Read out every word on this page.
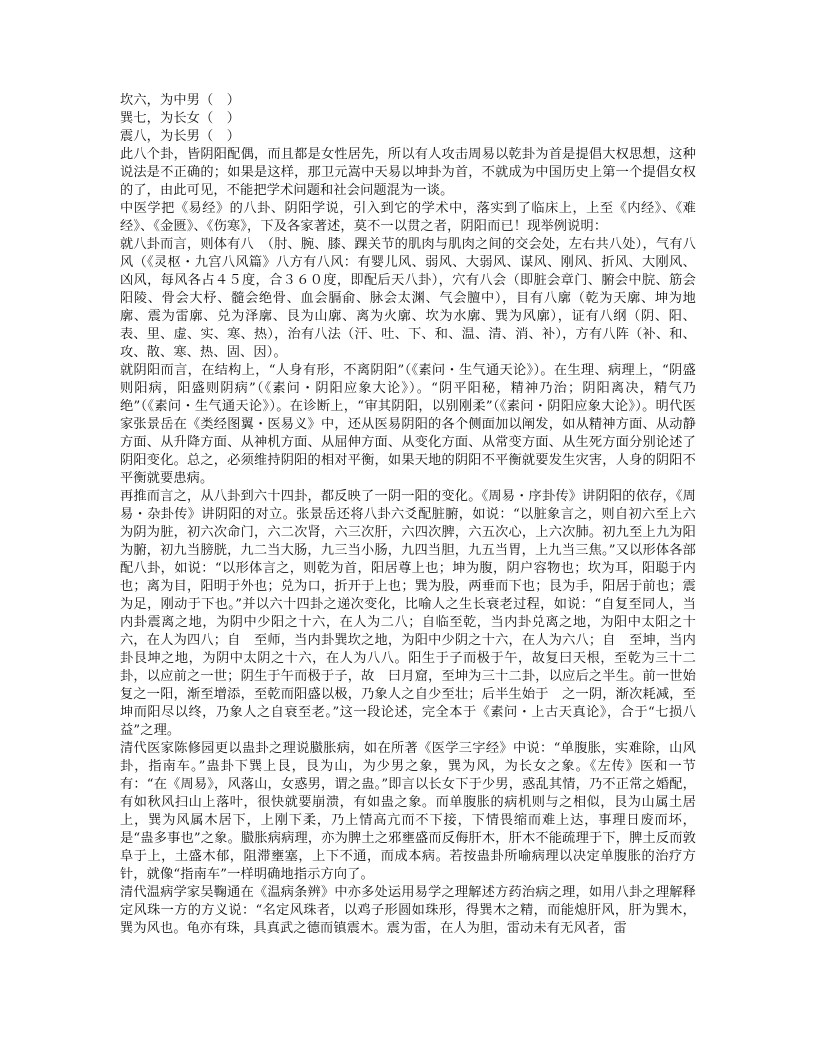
坎六，为中男（　）

巽七，为长女（　）

震八，为长男（　）

此八个卦，皆阴阳配偶，而且都是女性居先，所以有人攻击周易以乾卦为首是提倡大权思想，这种说法是不正确的；如果是这样，那卫元嵩中天易以坤卦为首，不就成为中国历史上第一个提倡女权的了，由此可见，不能把学术问题和社会问题混为一谈。

中医学把《易经》的八卦、阴阳学说，引入到它的学术中，落实到了临床上，上至《内经》、《难经》、《金匮》、《伤寒》，下及各家著述，莫不一以贯之者，阴阳而已！现举例说明：

就八卦而言，则体有八　（肘、腕、膝、踝关节的肌肉与肌肉之间的交会处，左右共八处），气有八风（《灵枢・九宫八风篇》八方有八风：有婴儿风、弱风、大弱风、谋风、刚风、折风、大刚风、凶风，每风各占４５度，合３６０度，即配后天八卦），穴有八会（即脏会章门、腑会中脘、筋会阳陵、骨会大杼、髓会绝骨、血会膈俞、脉会太渊、气会膻中），目有八廓（乾为天廓、坤为地廓、震为雷廓、兑为泽廓、艮为山廓、离为火廓、坎为水廓、巽为风廓），证有八纲（阴、阳、表、里、虚、实、寒、热），治有八法（汗、吐、下、和、温、清、消、补），方有八阵（补、和、攻、散、寒、热、固、因）。

就阴阳而言，在结构上，“人身有形，不离阴阳”（《素问・生气通天论》）。在生理、病理上，“阴盛则阳病，阳盛则阴病”（《素问・阴阳应象大论》）。“阴平阳秘，精神乃治；阴阳离决，精气乃绝”（《素问・生气通天论》）。在诊断上，“审其阴阳，以别刚柔”（《素问・阴阳应象大论》）。明代医家张景岳在《类经图翼・医易义》中，还从医易阴阳的各个侧面加以阐发，如从精神方面、从动静方面、从升降方面、从神机方面、从屈伸方面、从变化方面、从常变方面、从生死方面分别论述了阴阳变化。总之，必须维持阴阳的相对平衡，如果天地的阴阳不平衡就要发生灾害，人身的阴阳不平衡就要患病。

再推而言之，从八卦到六十四卦，都反映了一阴一阳的变化。《周易・序卦传》讲阴阳的依存，《周易・杂卦传》讲阴阳的对立。张景岳还将八卦六爻配脏腑，如说：“以脏象言之，则自初六至上六为阴为脏，初六次命门，六二次肾，六三次肝，六四次脾，六五次心，上六次肺。初九至上九为阳为腑，初九当膀胱，九二当大肠，九三当小肠，九四当胆，九五当胃，上九当三焦。”又以形体各部配八卦，如说：“以形体言之，则乾为首，阳居尊上也；坤为腹，阴户容物也；坎为耳，阳聪于内也；离为目，阳明于外也；兑为口，折开于上也；巽为股，两垂而下也；艮为手，阳居于前也；震为足，刚动于下也。”并以六十四卦之递次变化，比喻人之生长衰老过程，如说：“自复至同人，当内卦震离之地，为阴中少阳之十六，在人为二八；自临至乾，当内卦兑离之地，为阳中太阳之十六，在人为四八；自　至师，当内卦巽坎之地，为阳中少阴之十六，在人为六八；自　至坤，当内卦艮坤之地，为阴中太阴之十六，在人为八八。阳生于子而极于午，故复曰天根，至乾为三十二卦，以应前之一世；阴生于午而极于子，故　曰月窟，至坤为三十二卦，以应后之半生。前一世始复之一阳，渐至增添，至乾而阳盛以极，乃象人之自少至壮；后半生始于　之一阴，渐次耗减，至坤而阳尽以终，乃象人之自衰至老。”这一段论述，完全本于《素问・上古天真论》，合于“七损八益”之理。

清代医家陈修园更以蛊卦之理说臌胀病，如在所著《医学三字经》中说：“单腹胀，实难除，山风卦，指南车。”蛊卦下巽上艮，艮为山，为少男之象，巽为风，为长女之象。《左传》医和一节有：“在《周易》，风落山，女惑男，谓之蛊。”即言以长女下于少男，惑乱其情，乃不正常之婚配，有如秋风扫山上落叶，很快就要崩溃，有如蛊之象。而单腹胀的病机则与之相似，艮为山属土居上，巽为风属木居下，上刚下柔，乃上情高亢而不下接，下情畏缩而难上达，事理日废而坏，是“蛊多事也”之象。臌胀病病理，亦为脾土之邪壅盛而反侮肝木，肝木不能疏理于下，脾土反而敦阜于上，土盛木郁，阻滞壅塞，上下不通，而成本病。若按蛊卦所喻病理以决定单腹胀的治疗方针，就像“指南车”一样明确地指示方向了。

清代温病学家吴鞠通在《温病条辨》中亦多处运用易学之理解述方药治病之理，如用八卦之理解释定风珠一方的方义说：“名定风珠者，以鸡子形圆如珠形，得巽木之精，而能熄肝风，肝为巽木，巽为风也。龟亦有珠，具真武之德而镇震木。震为雷，在人为胆，雷动未有无风者，雷
